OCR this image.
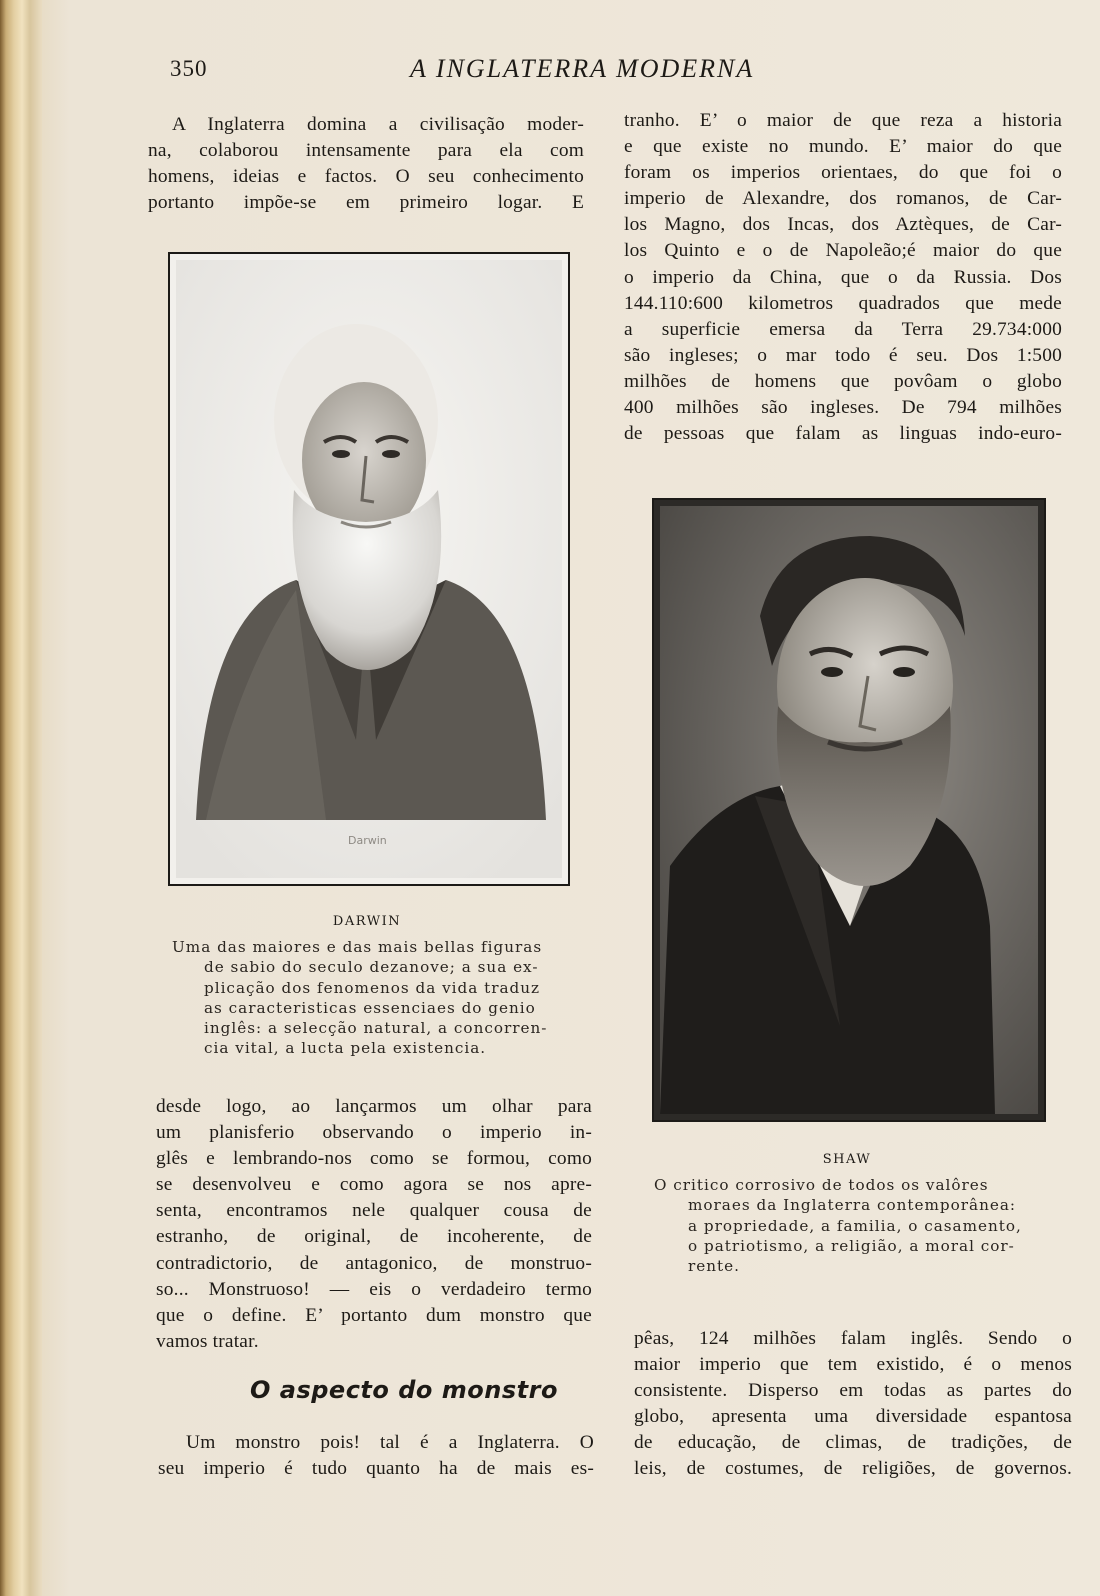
350	A INGLATERRA MODERNA
A Inglaterra domina a civilisação moder-
na, colaborou intensamente para ela com
homens, ideias e factos. O seu conhecimento
portanto impõe-se em primeiro logar. E
tranho. E’ o maior de que reza a historia
e que existe no mundo. E’ maior do que
foram os imperios orientaes, do que foi o
imperio de Alexandre, dos romanos, de Car-
los Magno, dos Incas, dos Aztèques, de Car-
los Quinto e o de Napoleão;é maior do que
o imperio da China, que o da Russia. Dos
144.110:600 kilometros quadrados que mede
a superficie emersa da Terra 29.734:000
são ingleses; o mar todo é seu. Dos 1:500
milhões de homens que povôam o globo
400 milhões são ingleses. De 794 milhões
de pessoas que falam as linguas indo-euro-
Darwin
DARWIN
Uma das maiores e das mais bellas figuras
de sabio do seculo dezanove; a sua ex-
plicação dos fenomenos da vida traduz
as caracteristicas essenciaes do genio
inglês: a selecção natural, a concorren-
cia vital, a lucta pela existencia.
SHAW
O critico corrosivo de todos os valôres
moraes da Inglaterra contemporânea:
a propriedade, a familia, o casamento,
o patriotismo, a religião, a moral cor-
rente.
desde logo, ao lançarmos um olhar para
um planisferio observando o imperio in-
glês e lembrando-nos como se formou, como
se desenvolveu e como agora se nos apre-
senta, encontramos nele qualquer cousa de
estranho, de original, de incoherente, de
contradictorio, de antagonico, de monstruo-
so... Monstruoso! — eis o verdadeiro termo
que o define. E’ portanto dum monstro que
vamos tratar.
O aspecto do monstro
Um monstro pois! tal é a Inglaterra. O
seu imperio é tudo quanto ha de mais es-
pêas, 124 milhões falam inglês. Sendo o
maior imperio que tem existido, é o menos
consistente. Disperso em todas as partes do
globo, apresenta uma diversidade espantosa
de educação, de climas, de tradições, de
leis, de costumes, de religiões, de governos.
